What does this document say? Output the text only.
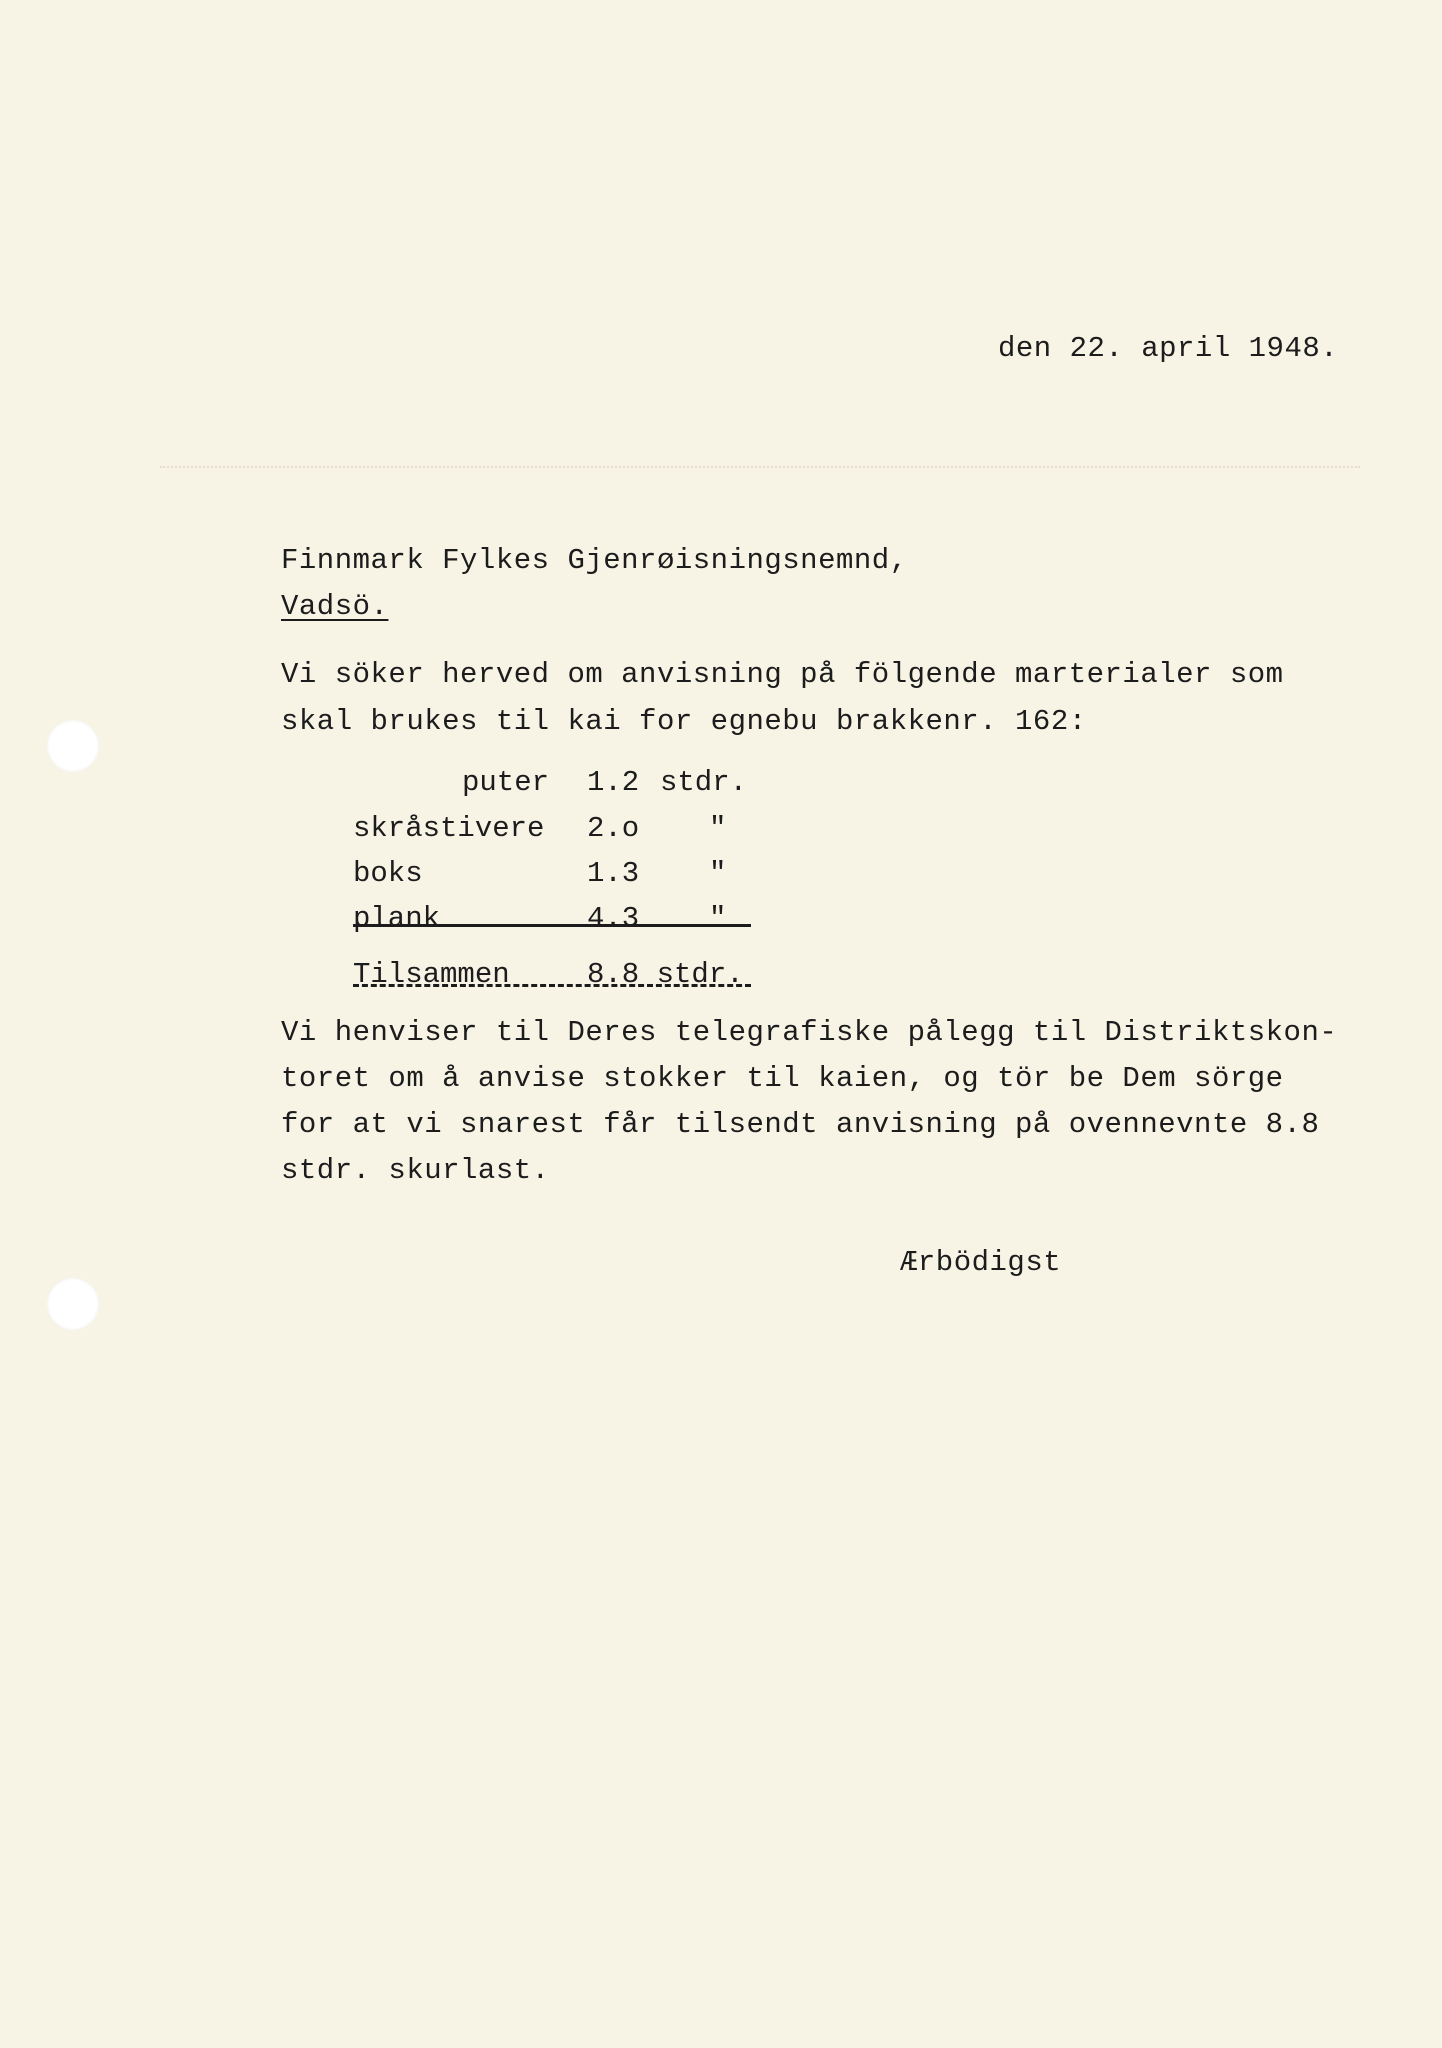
den 22. april 1948.
Finnmark Fylkes Gjenrøisningsnemnd,
Vadsö.
Vi söker herved om anvisning på fölgende marterialer som
skal brukes til kai for egnebu brakkenr. 162:
puter 1.2 stdr.
skråstivere 2.o "
boks	1.3 "
plank	4.3 "
Tilsammen	8.8 stdr.
Vi henviser til Deres telegrafiske pålegg til Distriktskon-
toret om å anvise stokker til kaien, og tör be Dem sörge
for at vi snarest får tilsendt anvisning på ovennevnte 8.8
stdr. skurlast.
Ærbödigst
